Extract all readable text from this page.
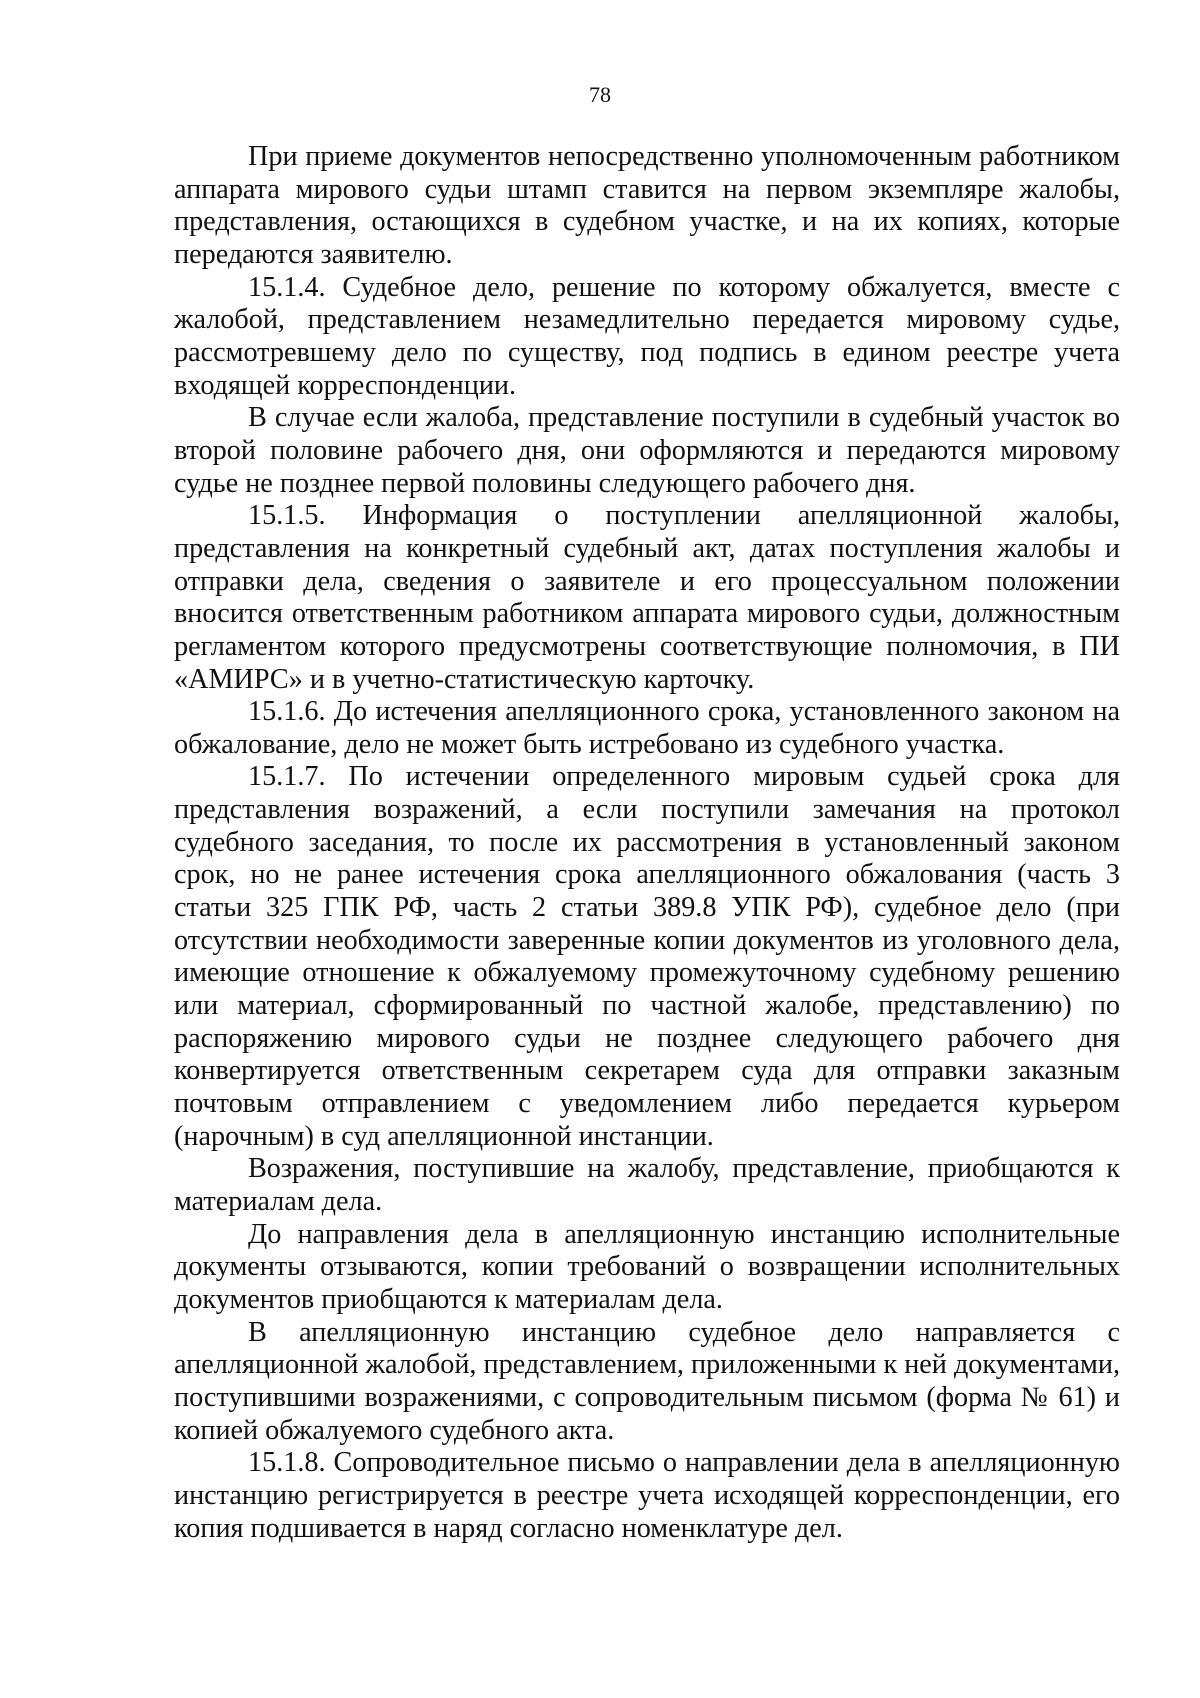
78

При приеме документов непосредственно уполномоченным работником аппарата мирового судьи штамп ставится на первом экземпляре жалобы, представления, остающихся в судебном участке, и на их копиях, которые передаются заявителю.

15.1.4. Судебное дело, решение по которому обжалуется, вместе с жалобой, представлением незамедлительно передается мировому судье, рассмотревшему дело по существу, под подпись в едином реестре учета входящей корреспонденции.

В случае если жалоба, представление поступили в судебный участок во второй половине рабочего дня, они оформляются и передаются мировому судье не позднее первой половины следующего рабочего дня.

15.1.5. Информация о поступлении апелляционной жалобы, представления на конкретный судебный акт, датах поступления жалобы и отправки дела, сведения о заявителе и его процессуальном положении вносится ответственным работником аппарата мирового судьи, должностным регламентом которого предусмотрены соответствующие полномочия, в ПИ «АМИРС» и в учетно-статистическую карточку.

15.1.6. До истечения апелляционного срока, установленного законом на обжалование, дело не может быть истребовано из судебного участка.

15.1.7. По истечении определенного мировым судьей срока для представления возражений, а если поступили замечания на протокол судебного заседания, то после их рассмотрения в установленный законом срок, но не ранее истечения срока апелляционного обжалования (часть 3 статьи 325 ГПК РФ, часть 2 статьи 389.8 УПК РФ), судебное дело (при отсутствии необходимости заверенные копии документов из уголовного дела, имеющие отношение к обжалуемому промежуточному судебному решению или материал, сформированный по частной жалобе, представлению) по распоряжению мирового судьи не позднее следующего рабочего дня конвертируется ответственным секретарем суда для отправки заказным почтовым отправлением с уведомлением либо передается курьером (нарочным) в суд апелляционной инстанции.

Возражения, поступившие на жалобу, представление, приобщаются к материалам дела.

До направления дела в апелляционную инстанцию исполнительные документы отзываются, копии требований о возвращении исполнительных документов приобщаются к материалам дела.

В апелляционную инстанцию судебное дело направляется с апелляционной жалобой, представлением, приложенными к ней документами, поступившими возражениями, с сопроводительным письмом (форма № 61) и копией обжалуемого судебного акта.

15.1.8. Сопроводительное письмо о направлении дела в апелляционную инстанцию регистрируется в реестре учета исходящей корреспонденции, его копия подшивается в наряд согласно номенклатуре дел.
